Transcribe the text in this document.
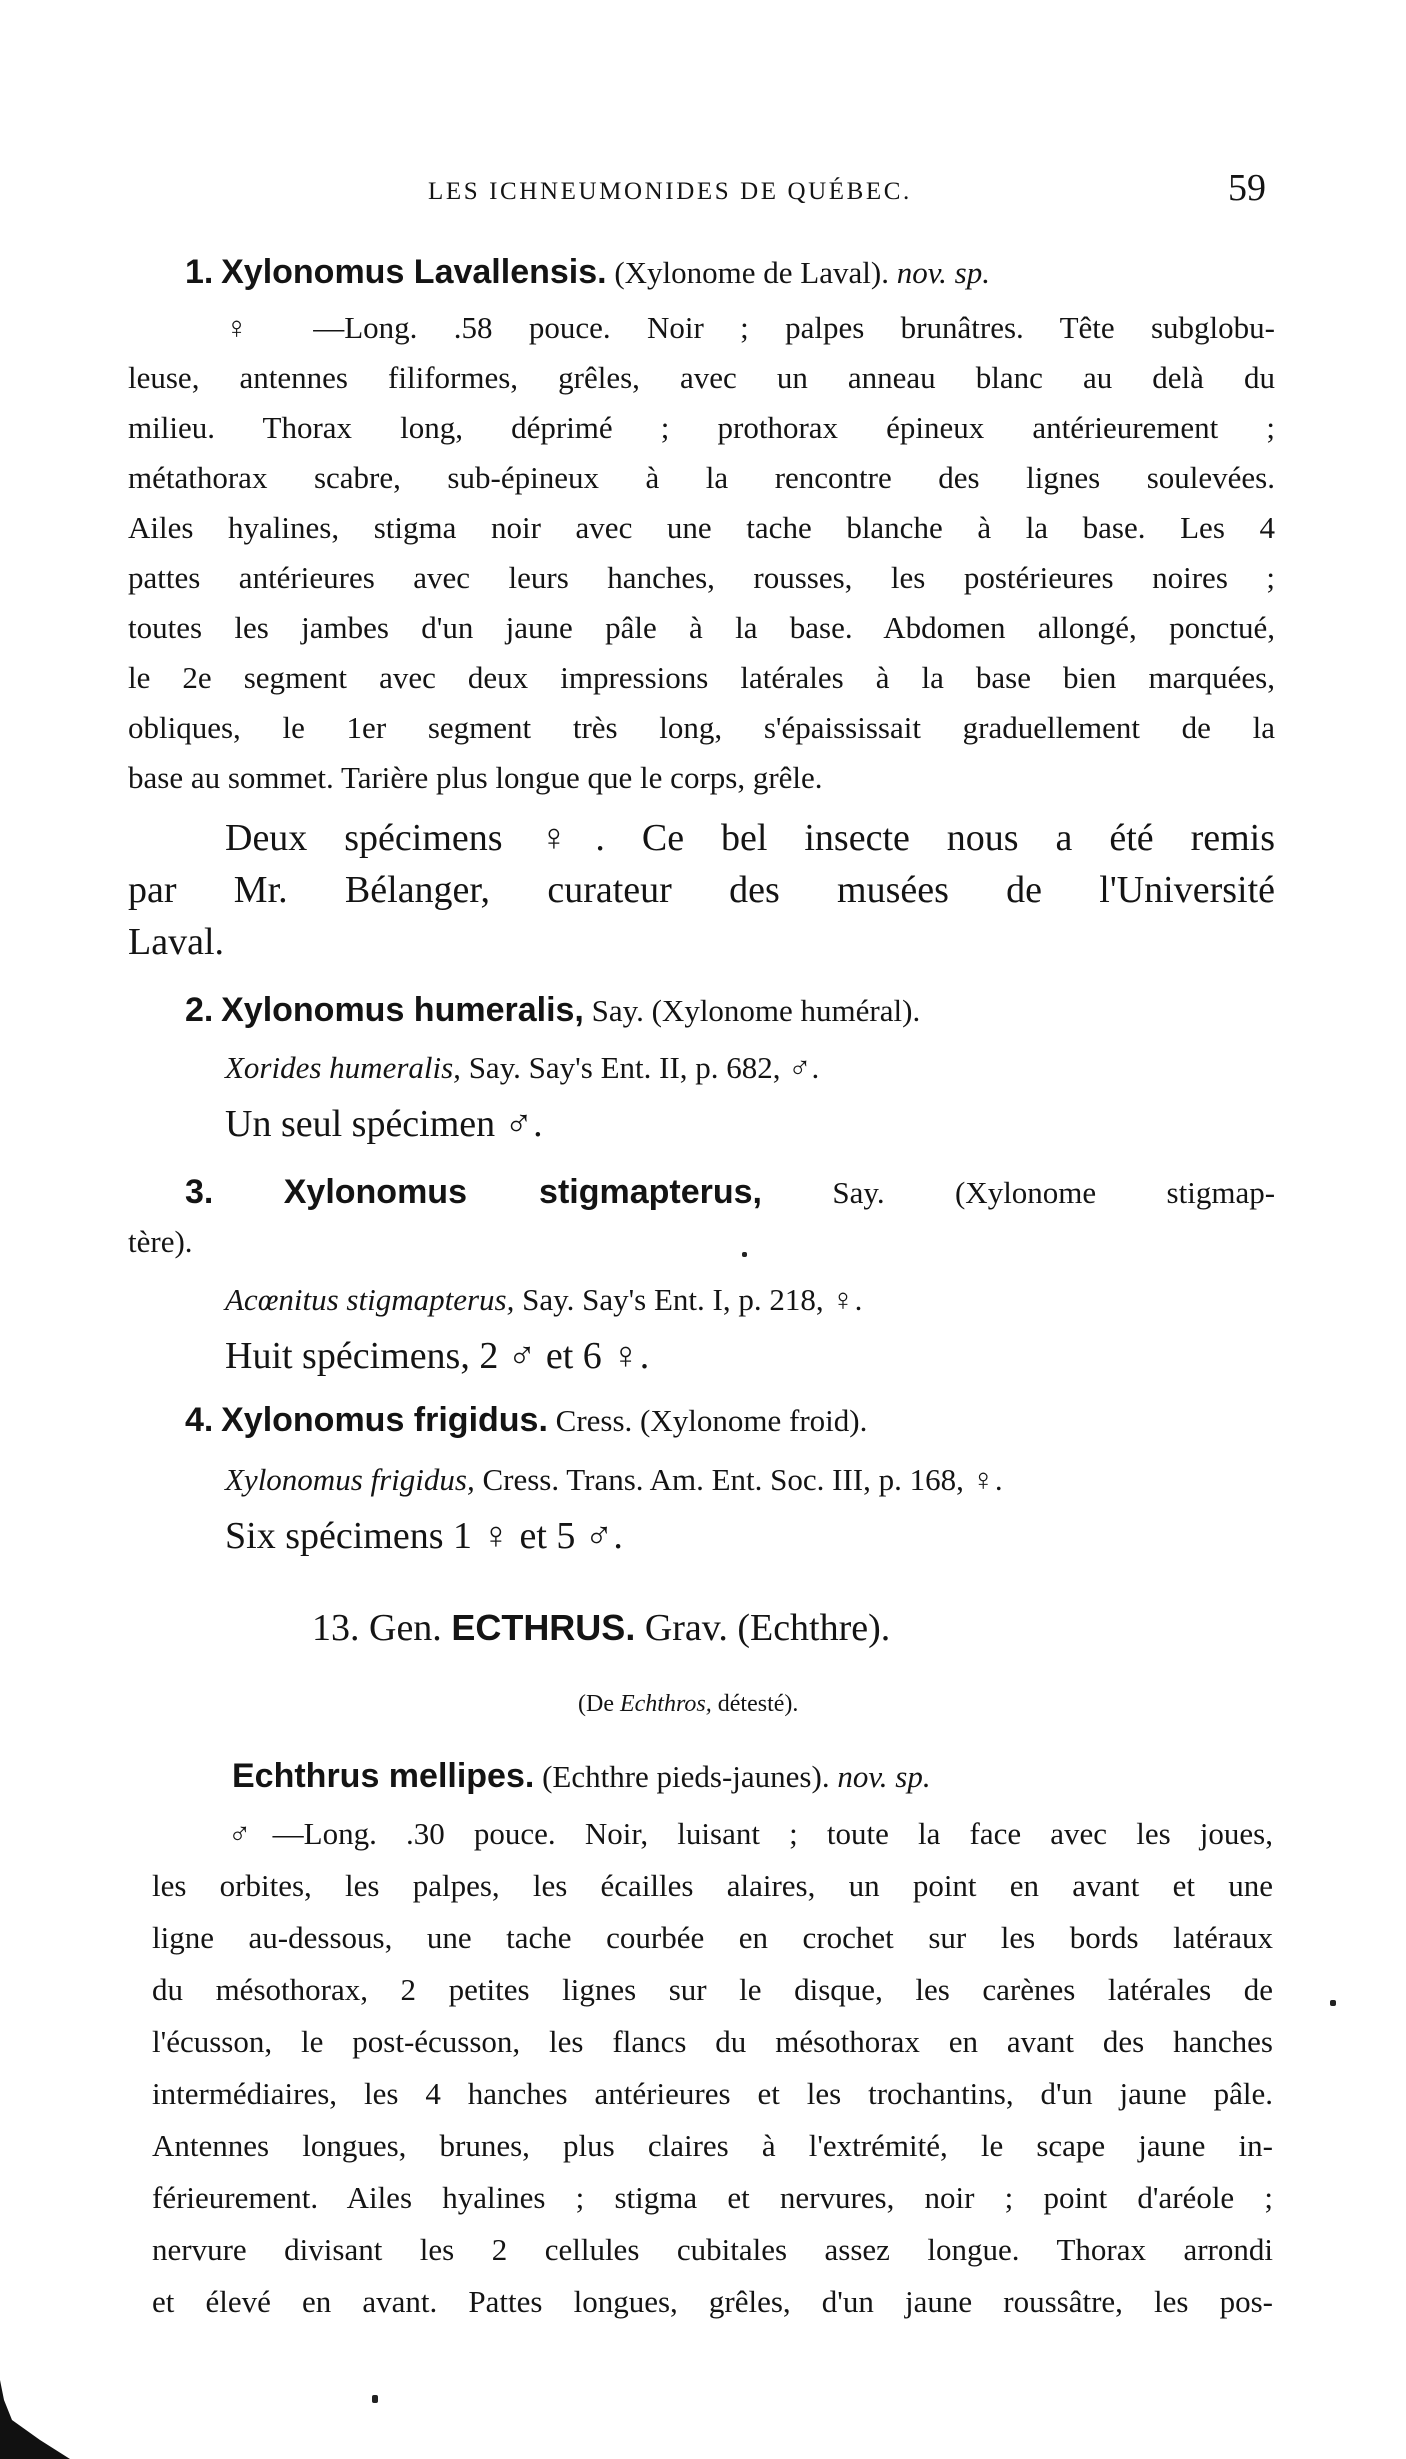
LES ICHNEUMONIDES DE QUÉBEC.	59
1. Xylonomus Lavallensis. (Xylonome de Laval). nov. sp.
♀ —Long. .58 pouce. Noir ; palpes brunâtres. Tête subglobu-
leuse, antennes filiformes, grêles, avec un anneau blanc au delà du
milieu. Thorax long, déprimé ; prothorax épineux antérieurement ;
métathorax scabre, sub-épineux à la rencontre des lignes soulevées.
Ailes hyalines, stigma noir avec une tache blanche à la base. Les 4
pattes antérieures avec leurs hanches, rousses, les postérieures noires ;
toutes les jambes d'un jaune pâle à la base. Abdomen allongé, ponctué,
le 2e segment avec deux impressions latérales à la base bien marquées,
obliques, le 1er segment très long, s'épaississait graduellement de la
base au sommet. Tarière plus longue que le corps, grêle.
Deux spécimens ♀. Ce bel insecte nous a été remis
par Mr. Bélanger, curateur des musées de l'Université
Laval.
2. Xylonomus humeralis, Say. (Xylonome huméral).
Xorides humeralis, Say. Say's Ent. II, p. 682, ♂.
Un seul spécimen ♂.
3. Xylonomus stigmapterus, Say. (Xylonome stigmap-
tère).
Acœnitus stigmapterus, Say. Say's Ent. I, p. 218, ♀.
Huit spécimens, 2 ♂ et 6 ♀.
4. Xylonomus frigidus. Cress. (Xylonome froid).
Xylonomus frigidus, Cress. Trans. Am. Ent. Soc. III, p. 168, ♀.
Six spécimens 1 ♀ et 5 ♂.
13. Gen. ECTHRUS. Grav. (Echthre).
(De Echthros, détesté).
Echthrus mellipes. (Echthre pieds-jaunes). nov. sp.
♂—Long. .30 pouce. Noir, luisant ; toute la face avec les joues,
les orbites, les palpes, les écailles alaires, un point en avant et une
ligne au-dessous, une tache courbée en crochet sur les bords latéraux
du mésothorax, 2 petites lignes sur le disque, les carènes latérales de
l'écusson, le post-écusson, les flancs du mésothorax en avant des hanches
intermédiaires, les 4 hanches antérieures et les trochantins, d'un jaune pâle.
Antennes longues, brunes, plus claires à l'extrémité, le scape jaune in-
férieurement. Ailes hyalines ; stigma et nervures, noir ; point d'aréole ;
nervure divisant les 2 cellules cubitales assez longue. Thorax arrondi
et élevé en avant. Pattes longues, grêles, d'un jaune roussâtre, les pos-
